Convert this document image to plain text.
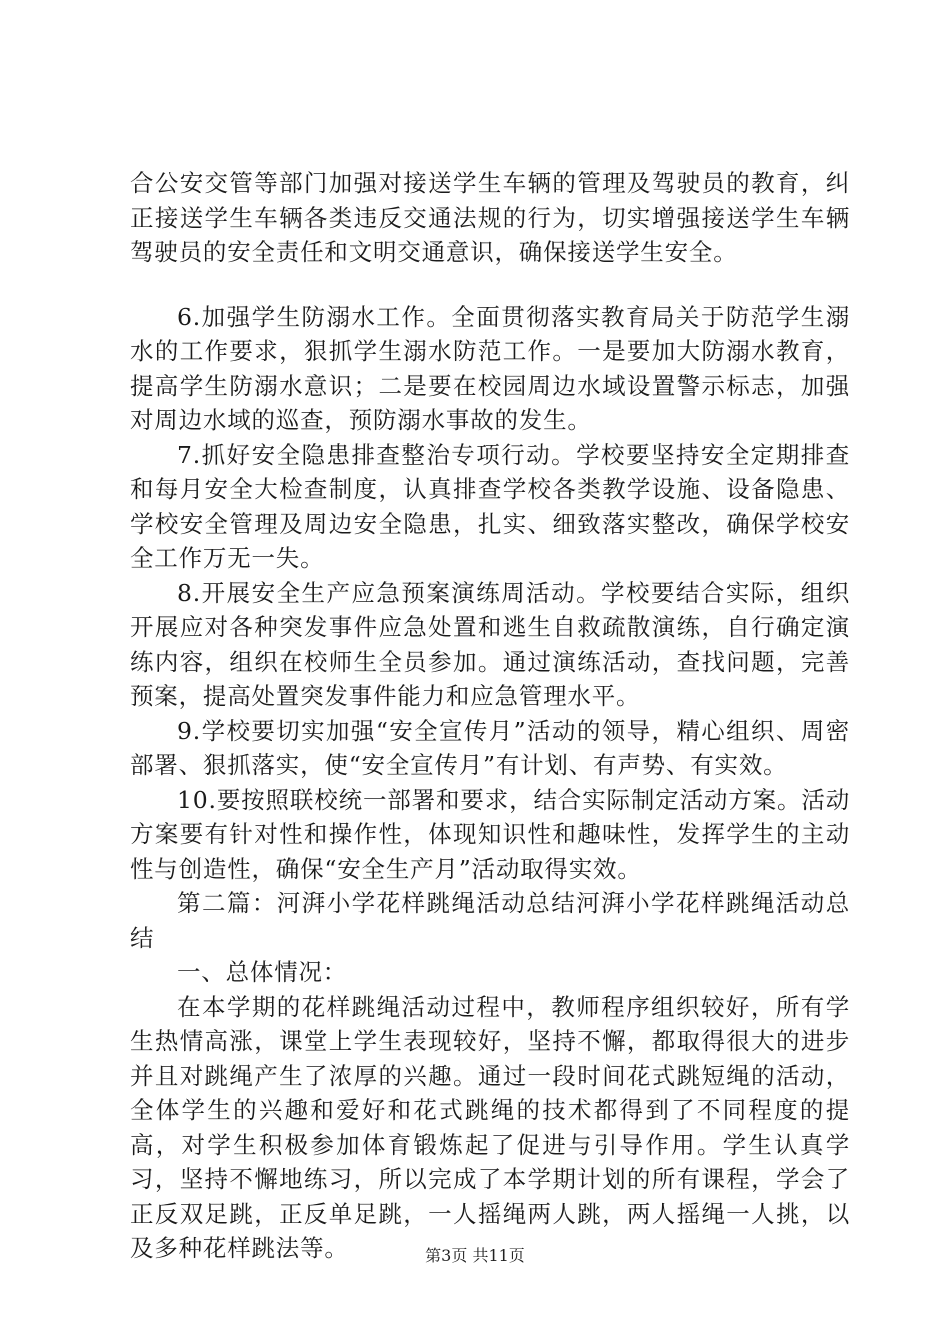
合公安交管等部门加强对接送学生车辆的管理及驾驶员的教育，纠正接送学生车辆各类违反交通法规的行为，切实增强接送学生车辆驾驶员的安全责任和文明交通意识，确保接送学生安全。

6.加强学生防溺水工作。全面贯彻落实教育局关于防范学生溺水的工作要求，狠抓学生溺水防范工作。一是要加大防溺水教育，提高学生防溺水意识；二是要在校园周边水域设置警示标志，加强对周边水域的巡查，预防溺水事故的发生。

7.抓好安全隐患排查整治专项行动。学校要坚持安全定期排查和每月安全大检查制度，认真排查学校各类教学设施、设备隐患、学校安全管理及周边安全隐患，扎实、细致落实整改，确保学校安全工作万无一失。

8.开展安全生产应急预案演练周活动。学校要结合实际，组织开展应对各种突发事件应急处置和逃生自救疏散演练，自行确定演练内容，组织在校师生全员参加。通过演练活动，查找问题，完善预案，提高处置突发事件能力和应急管理水平。

9.学校要切实加强“安全宣传月”活动的领导，精心组织、周密部署、狠抓落实，使“安全宣传月”有计划、有声势、有实效。

10.要按照联校统一部署和要求，结合实际制定活动方案。活动方案要有针对性和操作性，体现知识性和趣味性，发挥学生的主动性与创造性，确保“安全生产月”活动取得实效。

第二篇：河湃小学花样跳绳活动总结河湃小学花样跳绳活动总结

一、总体情况：

在本学期的花样跳绳活动过程中，教师程序组织较好，所有学生热情高涨，课堂上学生表现较好，坚持不懈，都取得很大的进步并且对跳绳产生了浓厚的兴趣。通过一段时间花式跳短绳的活动，全体学生的兴趣和爱好和花式跳绳的技术都得到了不同程度的提高，对学生积极参加体育锻炼起了促进与引导作用。学生认真学习，坚持不懈地练习，所以完成了本学期计划的所有课程，学会了正反双足跳，正反单足跳，一人摇绳两人跳，两人摇绳一人挑，以及多种花样跳法等。	第3页 共11页
